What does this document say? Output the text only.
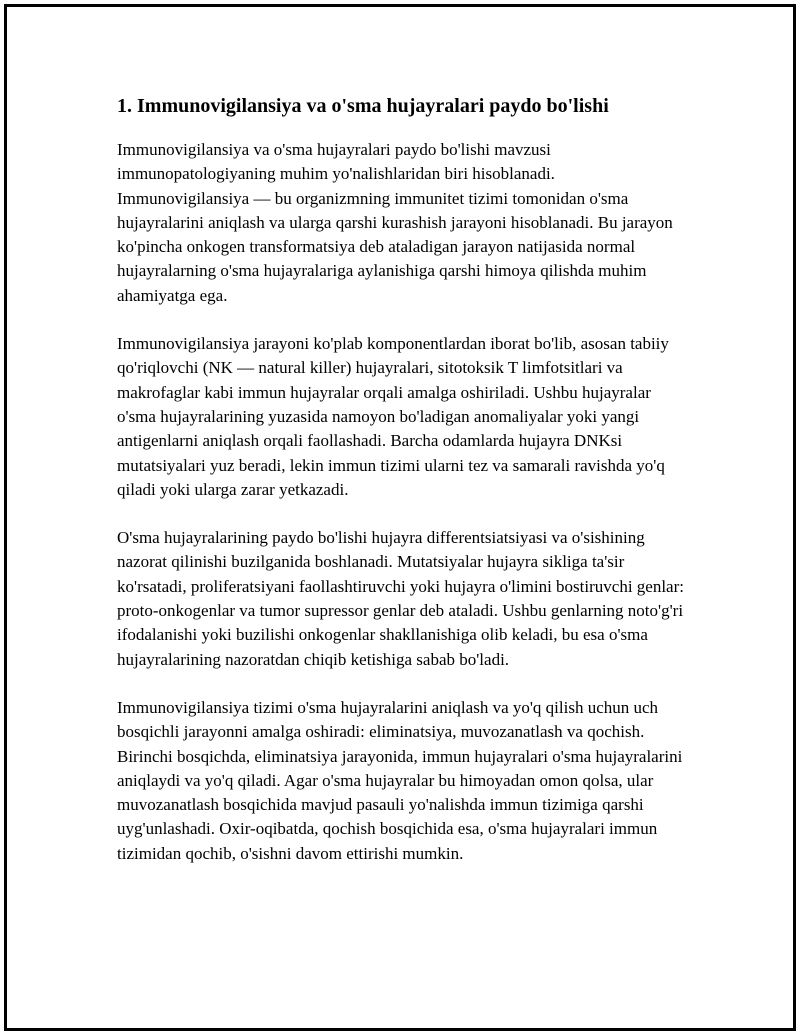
1. Immunovigilansiya va o'sma hujayralari paydo bo'lishi

Immunovigilansiya va o'sma hujayralari paydo bo'lishi mavzusi immunopatologiyaning muhim yo'nalishlaridan biri hisoblanadi. Immunovigilansiya — bu organizmning immunitet tizimi tomonidan o'sma hujayralarini aniqlash va ularga qarshi kurashish jarayoni hisoblanadi. Bu jarayon ko'pincha onkogen transformatsiya deb ataladigan jarayon natijasida normal hujayralarning o'sma hujayralariga aylanishiga qarshi himoya qilishda muhim ahamiyatga ega.

Immunovigilansiya jarayoni ko'plab komponentlardan iborat bo'lib, asosan tabiiy qo'riqlovchi (NK — natural killer) hujayralari, sitotoksik T limfotsitlari va makrofaglar kabi immun hujayralar orqali amalga oshiriladi. Ushbu hujayralar o'sma hujayralarining yuzasida namoyon bo'ladigan anomaliyalar yoki yangi antigenlarni aniqlash orqali faollashadi. Barcha odamlarda hujayra DNKsi mutatsiyalari yuz beradi, lekin immun tizimi ularni tez va samarali ravishda yo'q qiladi yoki ularga zarar yetkazadi.

O'sma hujayralarining paydo bo'lishi hujayra differentsiatsiyasi va o'sishining nazorat qilinishi buzilganida boshlanadi. Mutatsiyalar hujayra sikliga ta'sir ko'rsatadi, proliferatsiyani faollashtiruvchi yoki hujayra o'limini bostiruvchi genlar: proto-onkogenlar va tumor supressor genlar deb ataladi. Ushbu genlarning noto'g'ri ifodalanishi yoki buzilishi onkogenlar shakllanishiga olib keladi, bu esa o'sma hujayralarining nazoratdan chiqib ketishiga sabab bo'ladi.

Immunovigilansiya tizimi o'sma hujayralarini aniqlash va yo'q qilish uchun uch bosqichli jarayonni amalga oshiradi: eliminatsiya, muvozanatlash va qochish. Birinchi bosqichda, eliminatsiya jarayonida, immun hujayralari o'sma hujayralarini aniqlaydi va yo'q qiladi. Agar o'sma hujayralar bu himoyadan omon qolsa, ular muvozanatlash bosqichida mavjud pasauli yo'nalishda immun tizimiga qarshi uyg'unlashadi. Oxir-oqibatda, qochish bosqichida esa, o'sma hujayralari immun tizimidan qochib, o'sishni davom ettirishi mumkin.
